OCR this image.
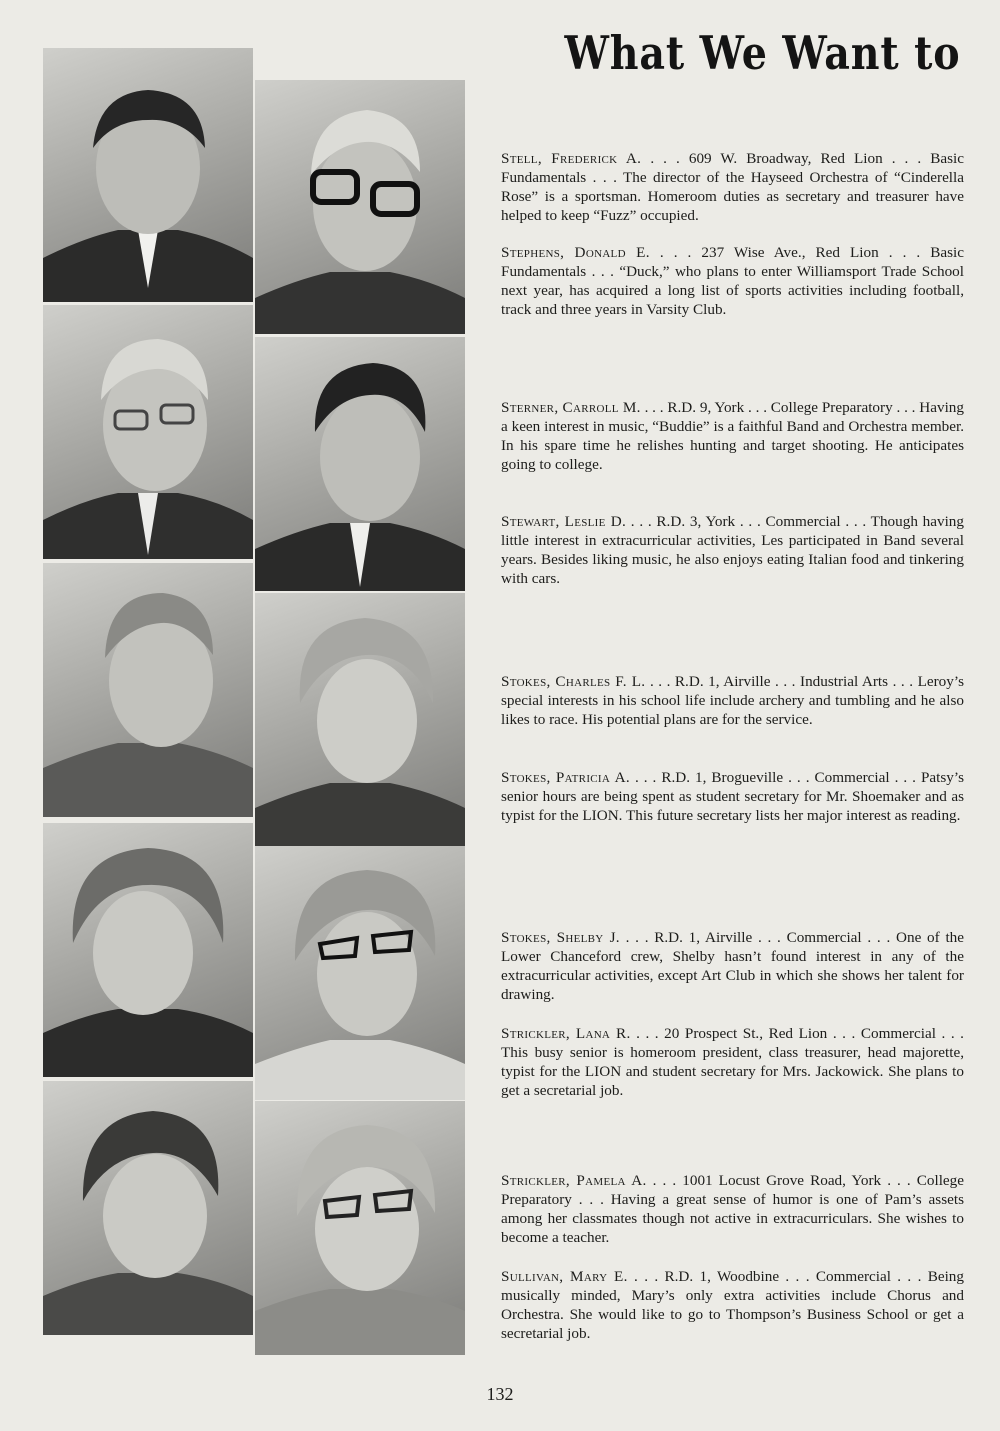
What We Want to
Stell, Frederick A. . . . 609 W. Broadway, Red Lion . . . Basic Fundamentals . . . The director of the Hayseed Orchestra of “Cinderella Rose” is a sportsman. Homeroom duties as secretary and treasurer have helped to keep “Fuzz” occupied.
Stephens, Donald E. . . . 237 Wise Ave., Red Lion . . . Basic Fundamentals . . . “Duck,” who plans to enter Williamsport Trade School next year, has acquired a long list of sports activities including football, track and three years in Varsity Club.
Sterner, Carroll M. . . . R.D. 9, York . . . College Preparatory . . . Having a keen interest in music, “Buddie” is a faithful Band and Orchestra member. In his spare time he relishes hunting and target shooting. He anticipates going to college.
Stewart, Leslie D. . . . R.D. 3, York . . . Commercial . . . Though having little interest in extracurricular activities, Les participated in Band several years. Besides liking music, he also enjoys eating Italian food and tinkering with cars.
Stokes, Charles F. L. . . . R.D. 1, Airville . . . Industrial Arts . . . Leroy’s special interests in his school life include archery and tumbling and he also likes to race. His potential plans are for the service.
Stokes, Patricia A. . . . R.D. 1, Brogueville . . . Commercial . . . Patsy’s senior hours are being spent as student secretary for Mr. Shoemaker and as typist for the LION. This future secretary lists her major interest as reading.
Stokes, Shelby J. . . . R.D. 1, Airville . . . Commercial . . . One of the Lower Chanceford crew, Shelby hasn’t found interest in any of the extracurricular activities, except Art Club in which she shows her talent for drawing.
Strickler, Lana R. . . . 20 Prospect St., Red Lion . . . Commercial . . . This busy senior is homeroom president, class treasurer, head majorette, typist for the LION and student secretary for Mrs. Jackowick. She plans to get a secretarial job.
Strickler, Pamela A. . . . 1001 Locust Grove Road, York . . . College Preparatory . . . Having a great sense of humor is one of Pam’s assets among her classmates though not active in extracurriculars. She wishes to become a teacher.
Sullivan, Mary E. . . . R.D. 1, Woodbine . . . Commercial . . . Being musically minded, Mary’s only extra activities include Chorus and Orchestra. She would like to go to Thompson’s Business School or get a secretarial job.
132
